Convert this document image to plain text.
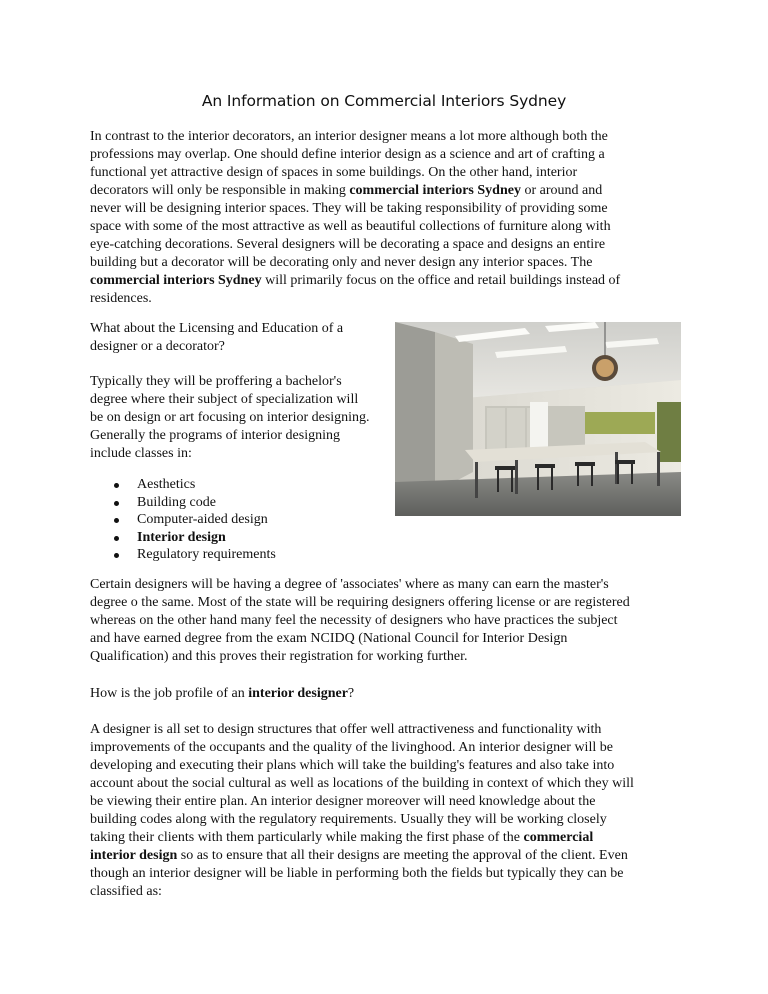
An Information on Commercial Interiors Sydney

In contrast to the interior decorators, an interior designer means a lot more although both the
professions may overlap. One should define interior design as a science and art of crafting a
functional yet attractive design of spaces in some buildings. On the other hand, interior
decorators will only be responsible in making commercial interiors Sydney or around and
never will be designing interior spaces. They will be taking responsibility of providing some
space with some of the most attractive as well as beautiful collections of furniture along with
eye-catching decorations. Several designers will be decorating a space and designs an entire
building but a decorator will be decorating only and never design any interior spaces. The
commercial interiors Sydney will primarily focus on the office and retail buildings instead of
residences.

What about the Licensing and Education of a
designer or a decorator?

Typically they will be proffering a bachelor's
degree where their subject of specialization will
be on design or art focusing on interior designing.
Generally the programs of interior designing
include classes in:

Aesthetics
Building code
Computer-aided design
Interior design
Regulatory requirements

Certain designers will be having a degree of 'associates' where as many can earn the master's
degree o the same. Most of the state will be requiring designers offering license or are registered
whereas on the other hand many feel the necessity of designers who have practices the subject
and have earned degree from the exam NCIDQ (National Council for Interior Design
Qualification) and this proves their registration for working further.

How is the job profile of an interior designer?

A designer is all set to design structures that offer well attractiveness and functionality with
improvements of the occupants and the quality of the livinghood. An interior designer will be
developing and executing their plans which will take the building's features and also take into
account about the social cultural as well as locations of the building in context of which they will
be viewing their entire plan. An interior designer moreover will need knowledge about the
building codes along with the regulatory requirements. Usually they will be working closely
taking their clients with them particularly while making the first phase of the commercial
interior design so as to ensure that all their designs are meeting the approval of the client. Even
though an interior designer will be liable in performing both the fields but typically they can be
classified as:
